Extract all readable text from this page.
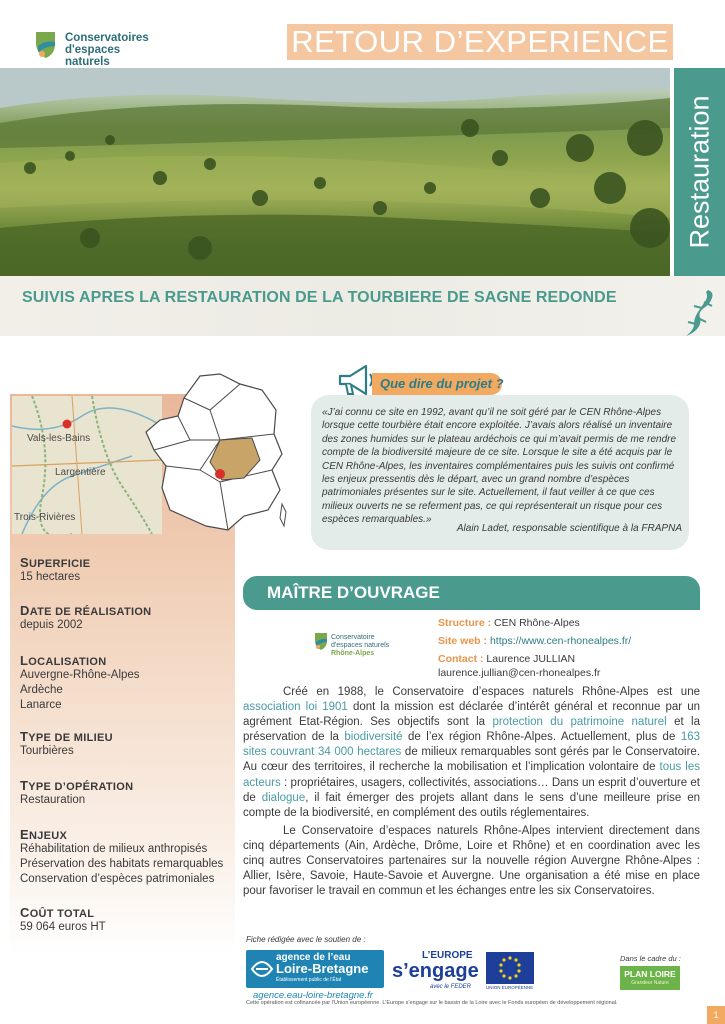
Conservatoires
d'espaces
naturels
RETOUR D’EXPERIENCE
Restauration
SUIVIS APRES LA RESTAURATION DE LA TOURBIERE DE SAGNE REDONDE
Vals-les-Bains
Largentière
Trois-Rivières
SUPERFICIE
15 hectares
DATE DE RÉALISATION
depuis 2002
LOCALISATION
Auvergne-Rhône-Alpes
Ardèche
Lanarce
TYPE DE MILIEU
Tourbières
TYPE D’OPÉRATION
Restauration
ENJEUX
Réhabilitation de milieux anthropisés
Préservation des habitats remarquables
Conservation d’espèces patrimoniales
COÛT TOTAL
59 064 euros HT
Que dire du projet ?
«J’ai connu ce site en 1992, avant qu’il ne soit géré par le CEN Rhône-Alpes lorsque cette tourbière était encore exploitée. J’avais alors réalisé un inventaire des zones humides sur le plateau ardéchois ce qui m’avait permis de me rendre compte de la biodiversité majeure de ce site. Lorsque le site a été acquis par le CEN Rhône-Alpes, les inventaires complémentaires puis les suivis ont confirmé les enjeux pressentis dès le départ, avec un grand nombre d’espèces patrimoniales présentes sur le site. Actuellement, il faut veiller à ce que ces milieux ouverts ne se referment pas, ce qui représenterait un risque pour ces espèces remarquables.»
Alain Ladet, responsable scientifique à la FRAPNA
MAÎTRE D’OUVRAGE
Conservatoire
d'espaces naturels
Rhône-Alpes
Structure : CEN Rhône-Alpes
Site web : https://www.cen-rhonealpes.fr/
Contact : Laurence JULLIAN
laurence.jullian@cen-rhonealpes.fr
Créé en 1988, le Conservatoire d’espaces naturels Rhône-Alpes est une association loi 1901 dont la mission est déclarée d’intérêt général et reconnue par un agrément Etat-Région. Ses objectifs sont la protection du patrimoine naturel et la préservation de la biodiversité de l’ex région Rhône-Alpes. Actuellement, plus de 163 sites couvrant 34 000 hectares de milieux remarquables sont gérés par le Conservatoire. Au cœur des territoires, il recherche la mobilisation et l’implication volontaire de tous les acteurs : propriétaires, usagers, collectivités, associations… Dans un esprit d’ouverture et de dialogue, il fait émerger des projets allant dans le sens d’une meilleure prise en compte de la biodiversité, en complément des outils réglementaires.
Le Conservatoire d’espaces naturels Rhône-Alpes intervient directement dans cinq départements (Ain, Ardèche, Drôme, Loire et Rhône) et en coordination avec les cinq autres Conservatoires partenaires sur la nouvelle région Auvergne Rhône-Alpes : Allier, Isère, Savoie, Haute-Savoie et Auvergne. Une organisation a été mise en place pour favoriser le travail en commun et les échanges entre les six Conservatoires.
Fiche rédigée avec le soutien de :
Dans le cadre du :
agence de l’eau
Loire-Bretagne
Établissement public de l’État
agence.eau-loire-bretagne.fr
L’EUROPE
s’engage
avec le FEDER	UNION EUROPÉENNE
PLAN LOIRE
Grandeur Nature
Cette opération est cofinancée par l’Union européenne. L’Europe s’engage sur le bassin de la Loire avec le Fonds européen de développement régional.
1
